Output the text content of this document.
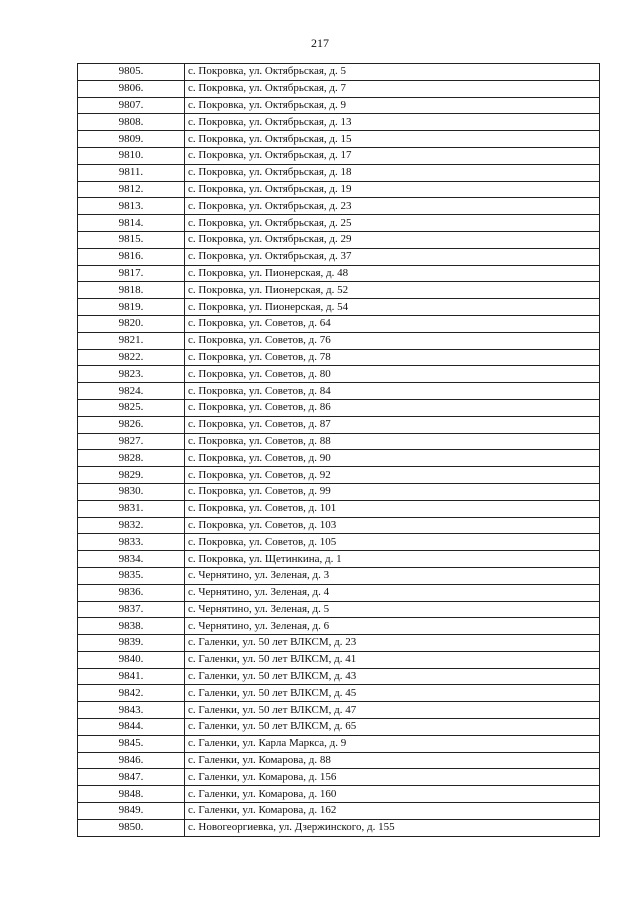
217
9805.	с. Покровка, ул. Октябрьская, д. 5
9806.	с. Покровка, ул. Октябрьская, д. 7
9807.	с. Покровка, ул. Октябрьская, д. 9
9808.	с. Покровка, ул. Октябрьская, д. 13
9809.	с. Покровка, ул. Октябрьская, д. 15
9810.	с. Покровка, ул. Октябрьская, д. 17
9811.	с. Покровка, ул. Октябрьская, д. 18
9812.	с. Покровка, ул. Октябрьская, д. 19
9813.	с. Покровка, ул. Октябрьская, д. 23
9814.	с. Покровка, ул. Октябрьская, д. 25
9815.	с. Покровка, ул. Октябрьская, д. 29
9816.	с. Покровка, ул. Октябрьская, д. 37
9817.	с. Покровка, ул. Пионерская, д. 48
9818.	с. Покровка, ул. Пионерская, д. 52
9819.	с. Покровка, ул. Пионерская, д. 54
9820.	с. Покровка, ул. Советов, д. 64
9821.	с. Покровка, ул. Советов, д. 76
9822.	с. Покровка, ул. Советов, д. 78
9823.	с. Покровка, ул. Советов, д. 80
9824.	с. Покровка, ул. Советов, д. 84
9825.	с. Покровка, ул. Советов, д. 86
9826.	с. Покровка, ул. Советов, д. 87
9827.	с. Покровка, ул. Советов, д. 88
9828.	с. Покровка, ул. Советов, д. 90
9829.	с. Покровка, ул. Советов, д. 92
9830.	с. Покровка, ул. Советов, д. 99
9831.	с. Покровка, ул. Советов, д. 101
9832.	с. Покровка, ул. Советов, д. 103
9833.	с. Покровка, ул. Советов, д. 105
9834.	с. Покровка, ул. Щетинкина, д. 1
9835.	с. Чернятино, ул. Зеленая, д. 3
9836.	с. Чернятино, ул. Зеленая, д. 4
9837.	с. Чернятино, ул. Зеленая, д. 5
9838.	с. Чернятино, ул. Зеленая, д. 6
9839.	с. Галенки, ул. 50 лет ВЛКСМ, д. 23
9840.	с. Галенки, ул. 50 лет ВЛКСМ, д. 41
9841.	с. Галенки, ул. 50 лет ВЛКСМ, д. 43
9842.	с. Галенки, ул. 50 лет ВЛКСМ, д. 45
9843.	с. Галенки, ул. 50 лет ВЛКСМ, д. 47
9844.	с. Галенки, ул. 50 лет ВЛКСМ, д. 65
9845.	с. Галенки, ул. Карла Маркса, д. 9
9846.	с. Галенки, ул. Комарова, д. 88
9847.	с. Галенки, ул. Комарова, д. 156
9848.	с. Галенки, ул. Комарова, д. 160
9849.	с. Галенки, ул. Комарова, д. 162
9850.	с. Новогеоргиевка, ул. Дзержинского, д. 155
